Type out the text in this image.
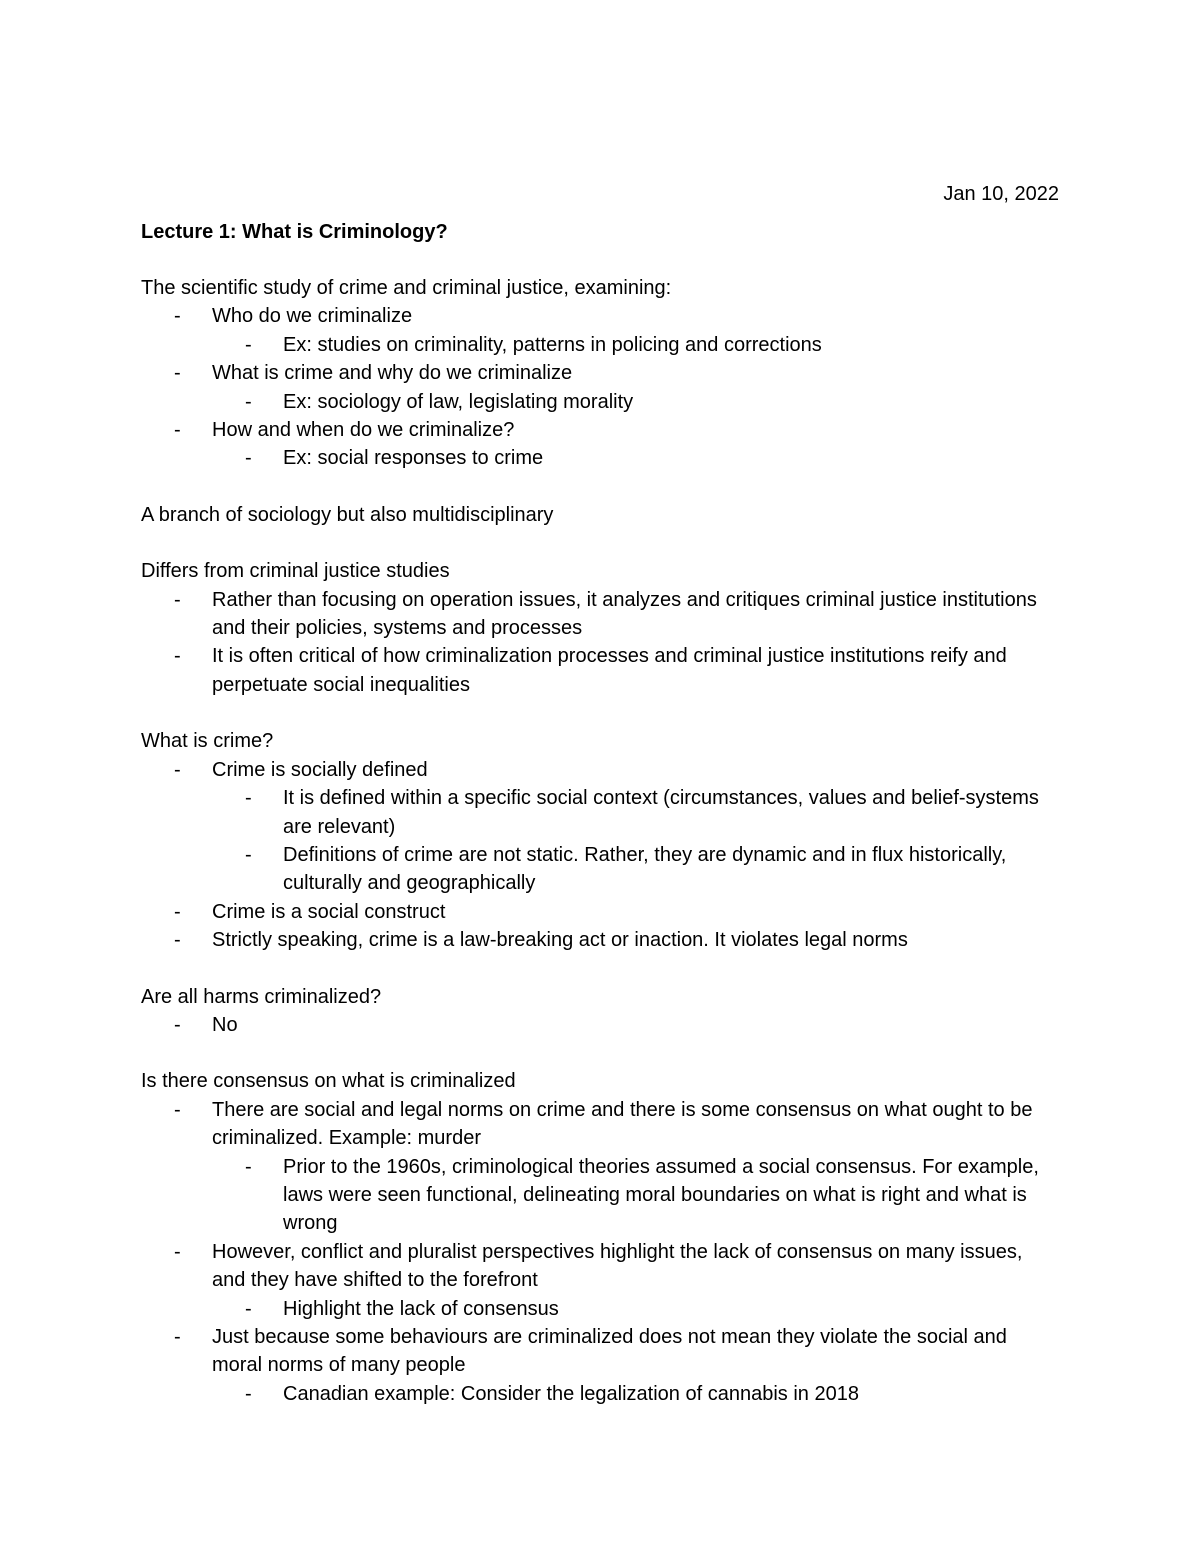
Jan 10, 2022
Lecture 1: What is Criminology?
The scientific study of crime and criminal justice, examining:
- Who do we criminalize
- Ex: studies on criminality, patterns in policing and corrections
- What is crime and why do we criminalize
- Ex: sociology of law, legislating morality
- How and when do we criminalize?
- Ex: social responses to crime
A branch of sociology but also multidisciplinary
Differs from criminal justice studies
- Rather than focusing on operation issues, it analyzes and critiques criminal justice institutions and their policies, systems and processes
- It is often critical of how criminalization processes and criminal justice institutions reify and perpetuate social inequalities
What is crime?
- Crime is socially defined
- It is defined within a specific social context (circumstances, values and belief-systems are relevant)
- Definitions of crime are not static. Rather, they are dynamic and in flux historically, culturally and geographically
- Crime is a social construct
- Strictly speaking, crime is a law-breaking act or inaction. It violates legal norms
Are all harms criminalized?
- No
Is there consensus on what is criminalized
- There are social and legal norms on crime and there is some consensus on what ought to be criminalized. Example: murder
- Prior to the 1960s, criminological theories assumed a social consensus. For example, laws were seen functional, delineating moral boundaries on what is right and what is wrong
- However, conflict and pluralist perspectives highlight the lack of consensus on many issues, and they have shifted to the forefront
- Highlight the lack of consensus
- Just because some behaviours are criminalized does not mean they violate the social and moral norms of many people
- Canadian example: Consider the legalization of cannabis in 2018
